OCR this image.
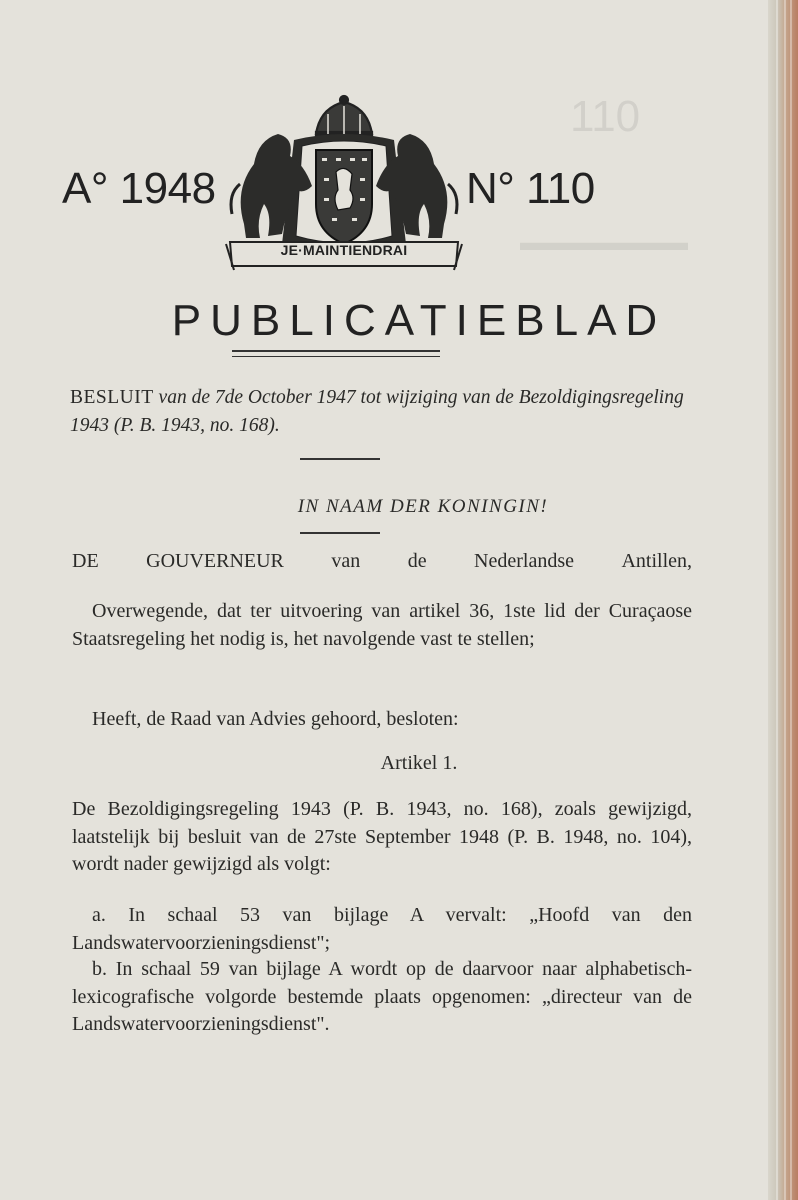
110
▬▬▬▬▬▬▬
A° 1948
JE·MAINTIENDRAI
N° 110
PUBLICATIEBLAD
BESLUIT van de 7de October 1947 tot wijziging van de Bezoldigingsregeling 1943 (P. B. 1943, no. 168).
IN NAAM DER KONINGIN!
DE GOUVERNEUR van de Nederlandse Antillen,
Overwegende, dat ter uitvoering van artikel 36, 1ste lid der Curaçaose Staatsregeling het nodig is, het navolgende vast te stellen;
Heeft, de Raad van Advies gehoord, besloten:
Artikel 1.
De Bezoldigingsregeling 1943 (P. B. 1943, no. 168), zoals gewijzigd, laatstelijk bij besluit van de 27ste September 1948 (P. B. 1948, no. 104), wordt nader gewijzigd als volgt:
a. In schaal 53 van bijlage A vervalt: „Hoofd van den Landswatervoorzieningsdienst";
b. In schaal 59 van bijlage A wordt op de daarvoor naar alphabetisch-lexicografische volgorde bestemde plaats opgenomen: „directeur van de Landswatervoorzieningsdienst".
